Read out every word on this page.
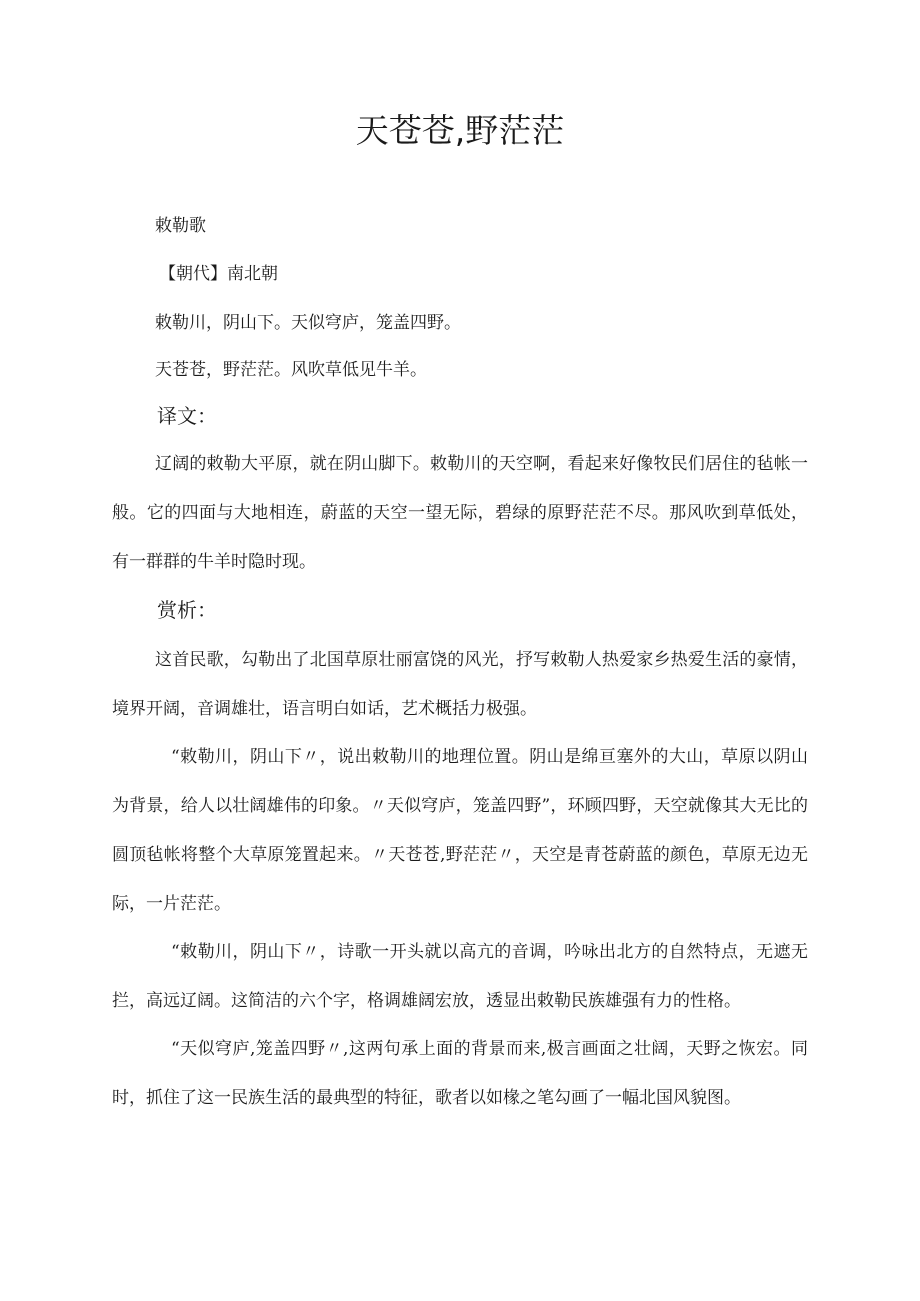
天苍苍,野茫茫
敕勒歌
【朝代】南北朝
敕勒川，阴山下。天似穹庐，笼盖四野。
天苍苍，野茫茫。风吹草低见牛羊。
译文：

辽阔的敕勒大平原，就在阴山脚下。敕勒川的天空啊，看起来好像牧民们居住的毡帐一般。它的四面与大地相连，蔚蓝的天空一望无际，碧绿的原野茫茫不尽。那风吹到草低处，有一群群的牛羊时隐时现。

赏析：

这首民歌，勾勒出了北国草原壮丽富饶的风光，抒写敕勒人热爱家乡热爱生活的豪情，境界开阔，音调雄壮，语言明白如话，艺术概括力极强。

“敕勒川，阴山下〃，说出敕勒川的地理位置。阴山是绵亘塞外的大山，草原以阴山为背景，给人以壮阔雄伟的印象。〃天似穹庐，笼盖四野”，环顾四野，天空就像其大无比的圆顶毡帐将整个大草原笼置起来。〃天苍苍,野茫茫〃，天空是青苍蔚蓝的颜色，草原无边无际，一片茫茫。

“敕勒川，阴山下〃，诗歌一开头就以高亢的音调，吟咏出北方的自然特点，无遮无拦，高远辽阔。这简洁的六个字，格调雄阔宏放，透显出敕勒民族雄强有力的性格。

“天似穹庐,笼盖四野〃,这两句承上面的背景而来,极言画面之壮阔，天野之恢宏。同时，抓住了这一民族生活的最典型的特征，歌者以如椽之笔勾画了一幅北国风貌图。
